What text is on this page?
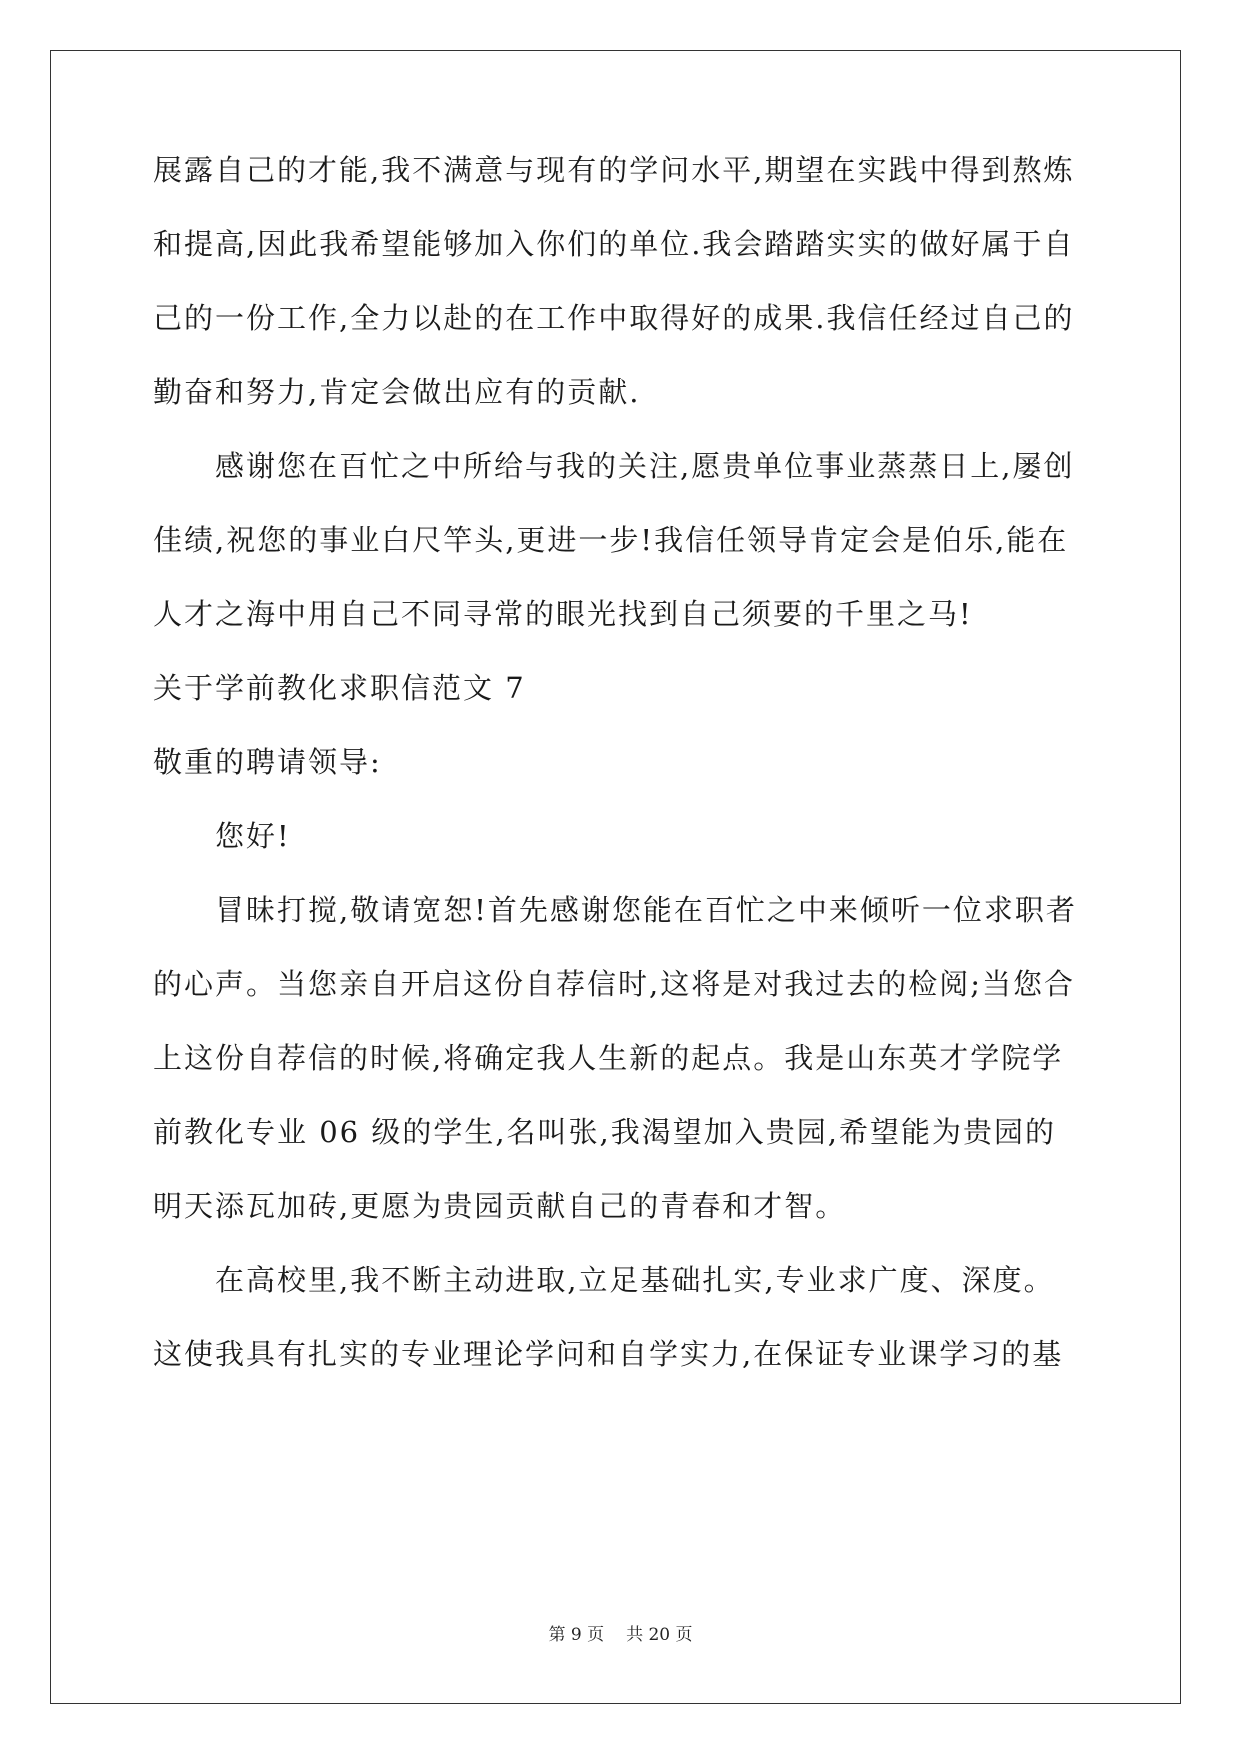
展露自己的才能,我不满意与现有的学问水平,期望在实践中得到熬炼
和提高,因此我希望能够加入你们的单位.我会踏踏实实的做好属于自
己的一份工作,全力以赴的在工作中取得好的成果.我信任经过自己的
勤奋和努力,肯定会做出应有的贡献.
感谢您在百忙之中所给与我的关注,愿贵单位事业蒸蒸日上,屡创
佳绩,祝您的事业白尺竿头,更进一步!我信任领导肯定会是伯乐,能在
人才之海中用自己不同寻常的眼光找到自己须要的千里之马!
关于学前教化求职信范文 7
敬重的聘请领导:
您好!
冒昧打搅,敬请宽恕!首先感谢您能在百忙之中来倾听一位求职者
的心声。当您亲自开启这份自荐信时,这将是对我过去的检阅;当您合
上这份自荐信的时候,将确定我人生新的起点。我是山东英才学院学
前教化专业 06 级的学生,名叫张,我渴望加入贵园,希望能为贵园的
明天添瓦加砖,更愿为贵园贡献自己的青春和才智。
在高校里,我不断主动进取,立足基础扎实,专业求广度、深度。
这使我具有扎实的专业理论学问和自学实力,在保证专业课学习的基
第 9 页 共 20 页
